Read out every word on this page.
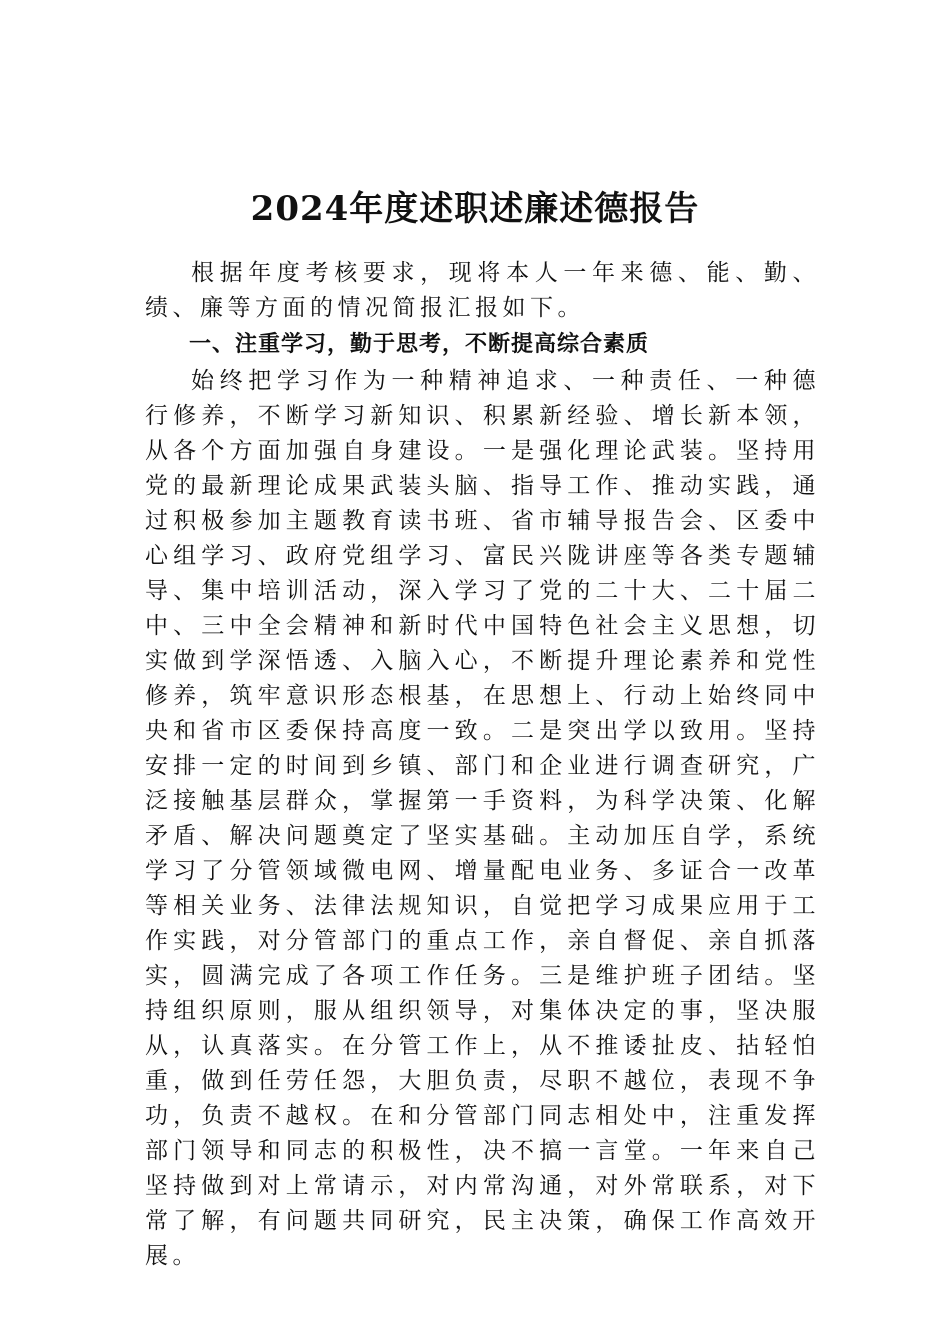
2024年度述职述廉述德报告

根据年度考核要求，现将本人一年来德、能、勤、绩、廉等方面的情况简报汇报如下。

一、注重学习，勤于思考，不断提高综合素质

始终把学习作为一种精神追求、一种责任、一种德行修养，不断学习新知识、积累新经验、增长新本领，从各个方面加强自身建设。一是强化理论武装。坚持用党的最新理论成果武装头脑、指导工作、推动实践，通过积极参加主题教育读书班、省市辅导报告会、区委中心组学习、政府党组学习、富民兴陇讲座等各类专题辅导、集中培训活动，深入学习了党的二十大、二十届二中、三中全会精神和新时代中国特色社会主义思想，切实做到学深悟透、入脑入心，不断提升理论素养和党性修养，筑牢意识形态根基，在思想上、行动上始终同中央和省市区委保持高度一致。二是突出学以致用。坚持安排一定的时间到乡镇、部门和企业进行调查研究，广泛接触基层群众，掌握第一手资料，为科学决策、化解矛盾、解决问题奠定了坚实基础。主动加压自学，系统学习了分管领域微电网、增量配电业务、多证合一改革等相关业务、法律法规知识，自觉把学习成果应用于工作实践，对分管部门的重点工作，亲自督促、亲自抓落实，圆满完成了各项工作任务。三是维护班子团结。坚持组织原则，服从组织领导，对集体决定的事，坚决服从，认真落实。在分管工作上，从不推诿扯皮、拈轻怕重，做到任劳任怨，大胆负责，尽职不越位，表现不争功，负责不越权。在和分管部门同志相处中，注重发挥部门领导和同志的积极性，决不搞一言堂。一年来自己坚持做到对上常请示，对内常沟通，对外常联系，对下常了解，有问题共同研究，民主决策，确保工作高效开展。
